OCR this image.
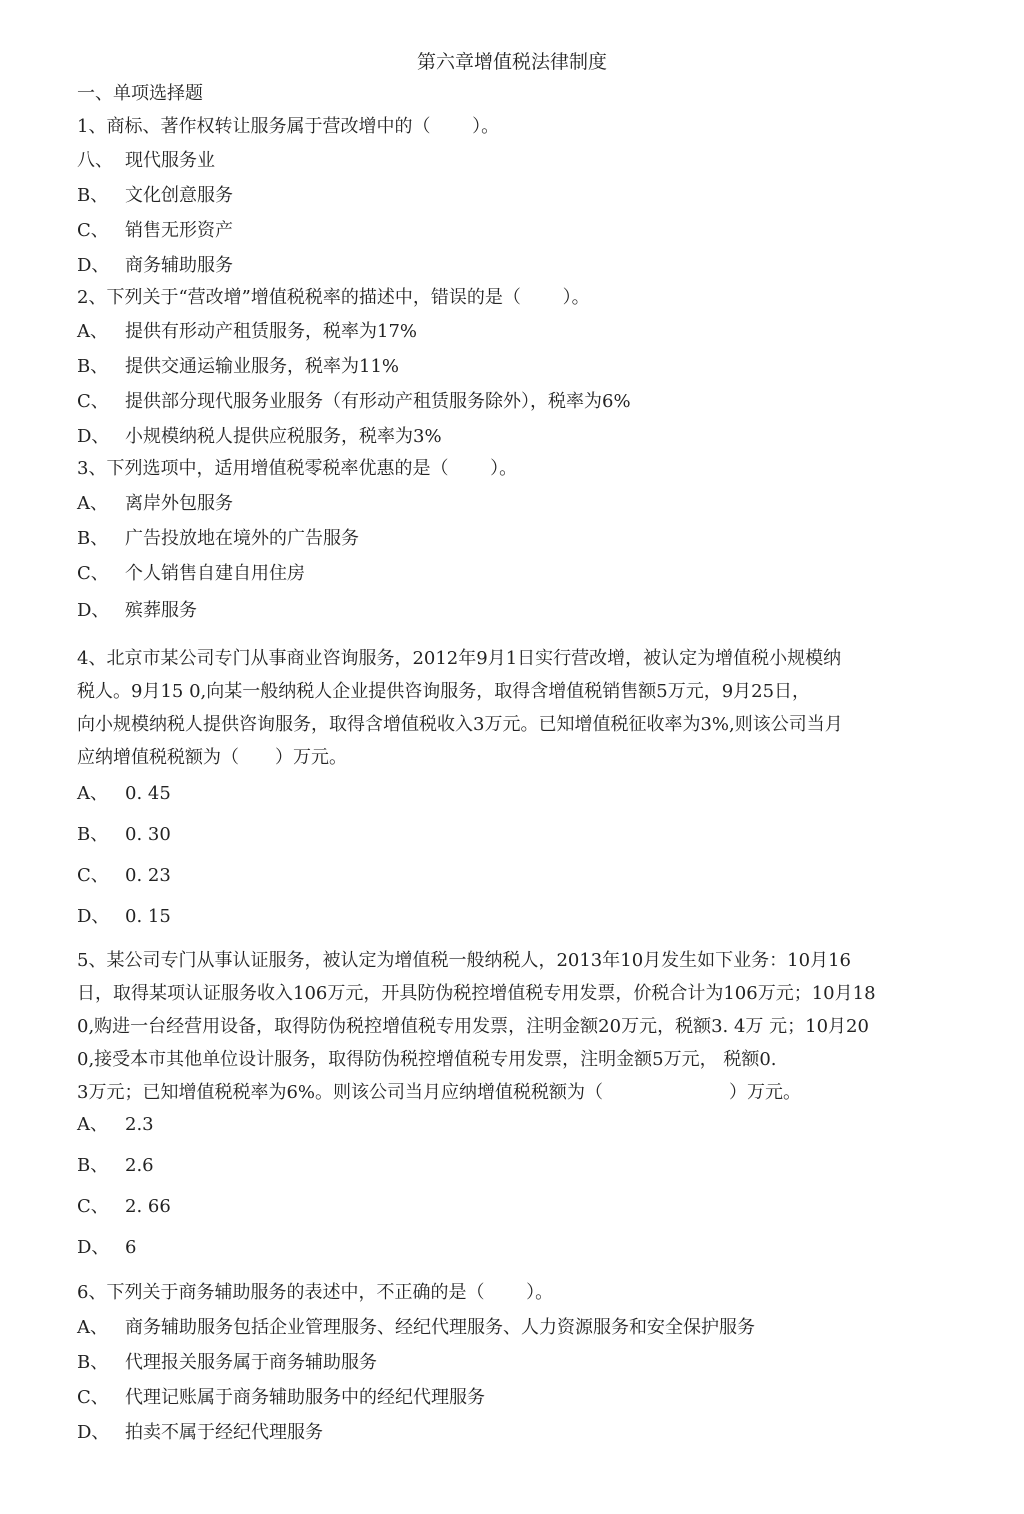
第六章增值税法律制度
一、单项选择题
1、商标、著作权转让服务属于营改增中的（　　 ）。
八、 现代服务业
B、 文化创意服务
C、 销售无形资产
D、 商务辅助服务
2、下列关于“营改增”增值税税率的描述中，错误的是（　　 ）。
A、 提供有形动产租赁服务，税率为17%
B、 提供交通运输业服务，税率为11%
C、 提供部分现代服务业服务（有形动产租赁服务除外），税率为6%
D、 小规模纳税人提供应税服务，税率为3%
3、下列选项中，适用增值税零税率优惠的是（　　 ）。
A、 离岸外包服务
B、 广告投放地在境外的广告服务
C、 个人销售自建自用住房
D、 殡葬服务
4、北京市某公司专门从事商业咨询服务，2012年9月1日实行营改增，被认定为增值税小规模纳
税人。9月15 0,向某一般纳税人企业提供咨询服务，取得含增值税销售额5万元，9月25日，
向小规模纳税人提供咨询服务，取得含增值税收入3万元。已知增值税征收率为3%,则该公司当月
应纳增值税税额为（　　）万元。
A、 0. 45
B、 0. 30
C、 0. 23
D、 0. 15
5、某公司专门从事认证服务，被认定为增值税一般纳税人，2013年10月发生如下业务：10月16
日，取得某项认证服务收入106万元，开具防伪税控增值税专用发票，价税合计为106万元；10月18
0,购进一台经营用设备，取得防伪税控增值税专用发票，注明金额20万元，税额3. 4万 元；10月20
0,接受本市其他单位设计服务，取得防伪税控增值税专用发票，注明金额5万元， 税额0.
3万元；已知增值税税率为6%。则该公司当月应纳增值税税额为（　　　　　　　）万元。
A、 2.3
B、 2.6
C、 2. 66
D、 6
6、下列关于商务辅助服务的表述中，不正确的是（　　 ）。
A、 商务辅助服务包括企业管理服务、经纪代理服务、人力资源服务和安全保护服务
B、 代理报关服务属于商务辅助服务
C、 代理记账属于商务辅助服务中的经纪代理服务
D、 拍卖不属于经纪代理服务
